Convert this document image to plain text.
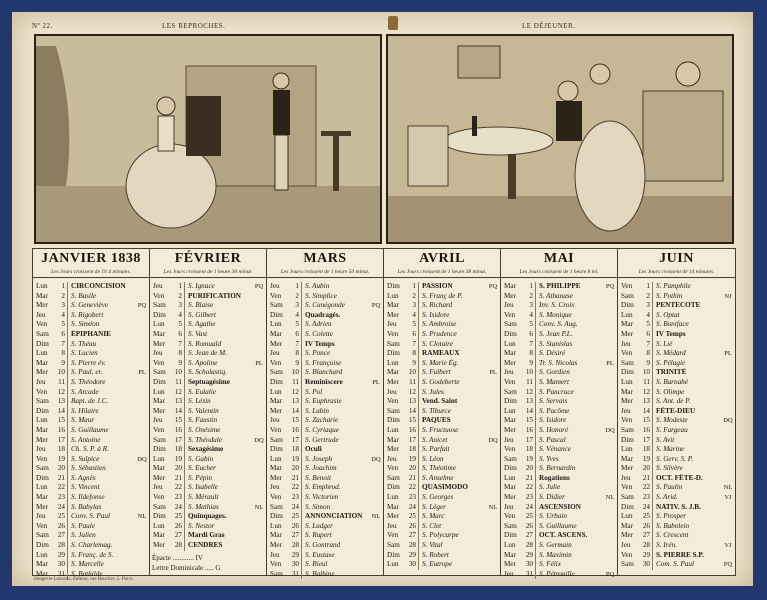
Nº 22.	LES REPROCHES.	LE DÉJEUNER.
JANVIER 1838
Les Jours croissent de 1h 4 minutes.
Lun	1 CIRCONCISION
Mar	2 S. Basile
Mer	3 S. Geneviève	PQ
Jeu	4 S. Rigobert
Ven	5 S. Siméon
Sam	6 ÉPIPHANIE
Dim	7 S. Théau
Lun	8 S. Lucien
Mar	9 S. Pierre év.
Mer	10 S. Paul, er.	PL
Jeu	11 S. Théodore
Ven	12 S. Arcade
Sam	13 Bapt. de J.C.
Dim	14 S. Hilaire
Lun	15 S. Maur
Mar	16 S. Guillaume
Mer	17 S. Antoine
Jeu	18 Ch. S. P. à R.
Ven	19 S. Sulpice	DQ
Sam	20 S. Sébastien
Dim	21 S. Agnès
Lun	22 S. Vincent
Mar	23 S. Ildefonse
Mer	24 S. Babylas
Jeu	25 Conv. S. Paul	NL
Ven	26 S. Paule
Sam	27 S. Julien
Dim	28 S. Charlemag.
Lun	29 S. Franç. de S.
Mar	30 S. Marcelle
Mer	31 S. Bathilde
FÉVRIER
Les Jours croissent de 1 heure 30 minut.
Jeu	1 S. Ignace	PQ
Ven	2 PURIFICATION
Sam	3 S. Blaise
Dim	4 S. Gilbert
Lun	5 S. Agathe
Mar	6 S. Vast
Mer	7 S. Romuald
Jeu	8 S. Jean de M.
Ven	9 S. Apoline	PL
Sam	10 S. Scholastiq.
Dim	11 Septuagésime
Lun	12 S. Eulalie
Mar	13 S. Lézin
Mer	14 S. Valentin
Jeu	15 S. Faustin
Ven	16 S. Onésime
Sam	17 S. Théodule	DQ
Dim	18 Sexagésime
Lun	19 S. Gabin
Mar	20 S. Eucher
Mer	21 S. Pépin
Jeu	22 S. Isabelle
Ven	23 S. Mérault
Sam	24 S. Mathias	NL
Dim	25 Quinquages.
Lun	26 S. Nestor
Mar	27 Mardi Gras
Mer	28 CENDRES
Épacte ............ IV
Lettre Dominicale ..... G
MARS
Les Jours croissent de 1 heure 50 minut.
Jeu	1 S. Aubin
Ven	2 S. Simplice
Sam	3 S. Cunégonde	PQ
Dim	4 Quadragés.
Lun	5 S. Adrien
Mar	6 S. Colette
Mer	7 IV Temps
Jeu	8 S. Ponce
Ven	9 S. Françoise
Sam	10 S. Blanchard
Dim	11 Reminiscere	PL
Lun	12 S. Pol
Mar	13 S. Euphrasie
Mer	14 S. Lubin
Jeu	15 S. Zacharie
Ven	16 S. Cyriaque
Sam	17 S. Gertrude
Dim	18 Oculi
Lun	19 S. Joseph	DQ
Mar	20 S. Joachim
Mer	21 S. Benoit
Jeu	22 S. Emphrod.
Ven	23 S. Victorien
Sam	24 S. Simon
Dim	25 ANNONCIATION	NL
Lun	26 S. Ludger
Mar	27 S. Rupert
Mer	28 S. Gontrand
Jeu	29 S. Eustase
Ven	30 S. Rieul
Sam	31 S. Balbine
AVRIL
Les Jours croissent de 1 heure 38 minut.
Dim	1 PASSION	PQ
Lun	2 S. Franç de P.
Mar	3 S. Richard
Mer	4 S. Isidore
Jeu	5 S. Ambroise
Ven	6 S. Prudence
Sam	7 S. Clotaire
Dim	8 RAMEAUX
Lun	9 S. Marie Ég.
Mar	10 S. Fulbert	PL
Mer	11 S. Godeberte
Jeu	12 S. Jules
Ven	13 Vend. Saint
Sam	14 S. Tiburce
Dim	15 PAQUES
Lun	16 S. Fructuose
Mar	17 S. Anicet	DQ
Mer	18 S. Parfait
Jeu	19 S. Léon
Ven	20 S. Théotime
Sam	21 S. Anselme
Dim	22 QUASIMODO
Lun	23 S. Georges
Mar	24 S. Léger	NL
Mer	25 S. Marc
Jeu	26 S. Clet
Ven	27 S. Polycarpe
Sam	28 S. Vital
Dim	29 S. Robert
Lun	30 S. Eutrope
MAI
Les Jours croissent de 1 heure 8 mi.
Mar	1 S. PHILIPPE	PQ
Mer	2 S. Athanase
Jeu	3 Inv. S. Croix
Ven	4 S. Monique
Sam	5 Conv. S. Aug.
Dim	6 S. Jean P.L.
Lun	7 S. Stanislas
Mar	8 S. Désiré
Mer	9 Tr. S. Nicolas	PL
Jeu	10 S. Gordien
Ven	11 S. Mamert
Sam	12 S. Pancrace
Dim	13 S. Servais
Lun	14 S. Pacôme
Mar	15 S. Isidore
Mer	16 S. Honoré	DQ
Jeu	17 S. Pascal
Ven	18 S. Vénance
Sam	19 S. Yves
Dim	20 S. Bernardin
Lun	21 Rogations
Mar	22 S. Julie
Mer	23 S. Didier	NL
Jeu	24 ASCENSION
Ven	25 S. Urbain
Sam	26 S. Guillaume
Dim	27 OCT. ASCENS.
Lun	28 S. Germain
Mar	29 S. Maximin
Mer	30 S. Félix
Jeu	31 S. Pétronille	PQ
JUIN
Les Jours croissent de 14 minutes.
Ven	1 S. Pamphile
Sam	2 S. Pothin	NJ
Dim	3 PENTECOTE
Lun	4 S. Optat
Mar	5 S. Boniface
Mer	6 IV Temps
Jeu	7 S. Lié
Ven	8 S. Médard	PL
Sam	9 S. Pélagie
Dim	10 TRINITÉ
Lun	11 S. Barnabé
Mar	12 S. Olimpe
Mer	13 S. Ant. de P.
Jeu	14 FÊTE-DIEU
Ven	15 S. Modeste	DQ
Sam	16 S. Fargeau
Dim	17 S. Avit
Lun	18 S. Marine
Mar	19 S. Gerv. S. P.
Mer	20 S. Silvère
Jeu	21 OCT. FÊTE-D.
Ven	22 S. Paulin	NL
Sam	23 S. Arid.	VJ
Dim	24 NATIV. S. J.B.
Lun	25 S. Prosper
Mar	26 S. Babolein
Mer	27 S. Crescent
Jeu	28 S. Irén.	VJ
Ven	29 S. PIERRE S.P.
Sam	30 Com. S. Paul	PQ
Imagerie-Lasvaux, Éditeur, rue Boucher, 2. Paris.
